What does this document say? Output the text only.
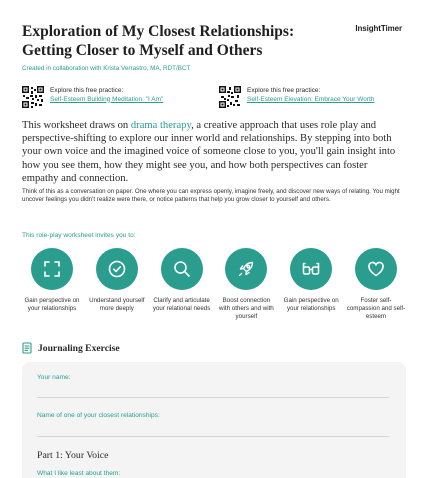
Exploration of My Closest Relationships:
Getting Closer to Myself and Others
InsightTimer
Created in collaboration with Krista Verrastro, MA, RDT/BCT
Explore this free practice:
Self-Esteem Building Meditation: "I Am"
Explore this free practice:
Self-Esteem Elevation: Embrace Your Worth
This worksheet draws on drama therapy, a creative approach that uses role play and perspective-shifting to explore our inner world and relationships. By stepping into both your own voice and the imagined voice of someone close to you, you'll gain insight into how you see them, how they might see you, and how both perspectives can foster empathy and connection.
Think of this as a conversation on paper. One where you can express openly, imagine freely, and discover new ways of relating. You might uncover feelings you didn't realize were there, or notice patterns that help you grow closer to yourself and others.
This role-play worksheet invites you to:
Gain perspective on your relationships
Understand yourself more deeply
Clarify and articulate your relational needs
Boost connection with others and with yourself
Gain perspective on your relationships
Foster self-compassion and self-esteem
Journaling Exercise
Your name:
Name of one of your closest relationships:
Part 1: Your Voice
What I like least about them:
